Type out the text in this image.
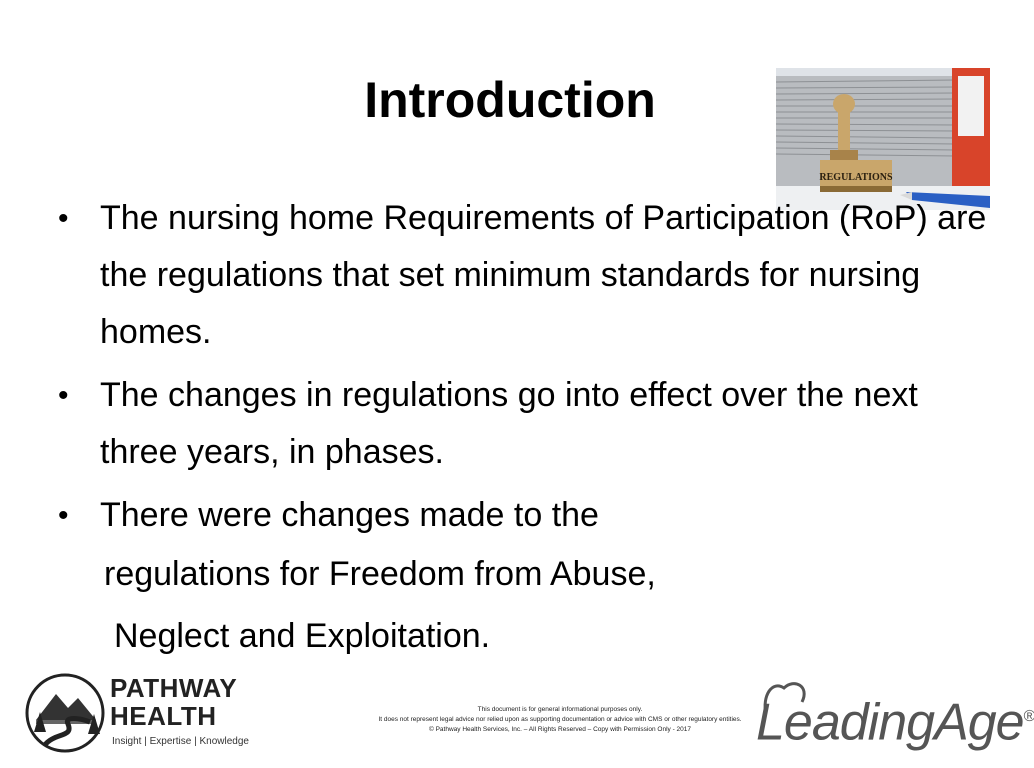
Introduction
REGULATIONS
• The nursing home Requirements of Participation (RoP) are the regulations that set minimum standards for nursing homes.
• The changes in regulations go into effect over the next three years, in phases.
• There were changes made to the
regulations for Freedom from Abuse,
Neglect and Exploitation.
PATHWAY
HEALTH
Insight | Expertise | Knowledge
This document is for general informational purposes only.
It does not represent legal advice nor relied upon as supporting documentation or advice with CMS or other regulatory entities.
© Pathway Health Services, Inc. – All Rights Reserved – Copy with Permission Only - 2017	LeadingAge®
